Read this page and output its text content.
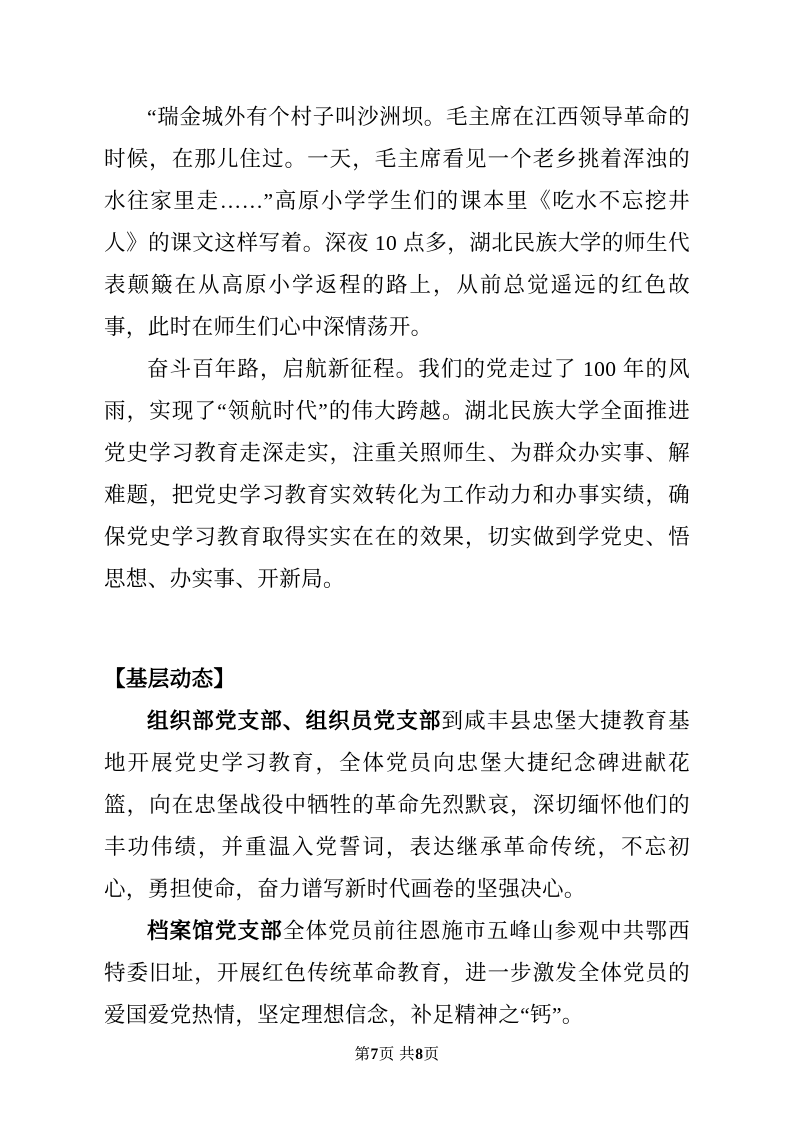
“瑞金城外有个村子叫沙洲坝。毛主席在江西领导革命的时候，在那儿住过。一天，毛主席看见一个老乡挑着浑浊的水往家里走……”高原小学学生们的课本里《吃水不忘挖井人》的课文这样写着。深夜 10 点多，湖北民族大学的师生代表颠簸在从高原小学返程的路上，从前总觉遥远的红色故事，此时在师生们心中深情荡开。

奋斗百年路，启航新征程。我们的党走过了 100 年的风雨，实现了“领航时代”的伟大跨越。湖北民族大学全面推进党史学习教育走深走实，注重关照师生、为群众办实事、解难题，把党史学习教育实效转化为工作动力和办事实绩，确保党史学习教育取得实实在在的效果，切实做到学党史、悟思想、办实事、开新局。

【基层动态】

组织部党支部、组织员党支部到咸丰县忠堡大捷教育基地开展党史学习教育，全体党员向忠堡大捷纪念碑进献花篮，向在忠堡战役中牺牲的革命先烈默哀，深切缅怀他们的丰功伟绩，并重温入党誓词，表达继承革命传统，不忘初心，勇担使命，奋力谱写新时代画卷的坚强决心。

档案馆党支部全体党员前往恩施市五峰山参观中共鄂西特委旧址，开展红色传统革命教育，进一步激发全体党员的爱国爱党热情，坚定理想信念，补足精神之“钙”。

第7页 共8页
